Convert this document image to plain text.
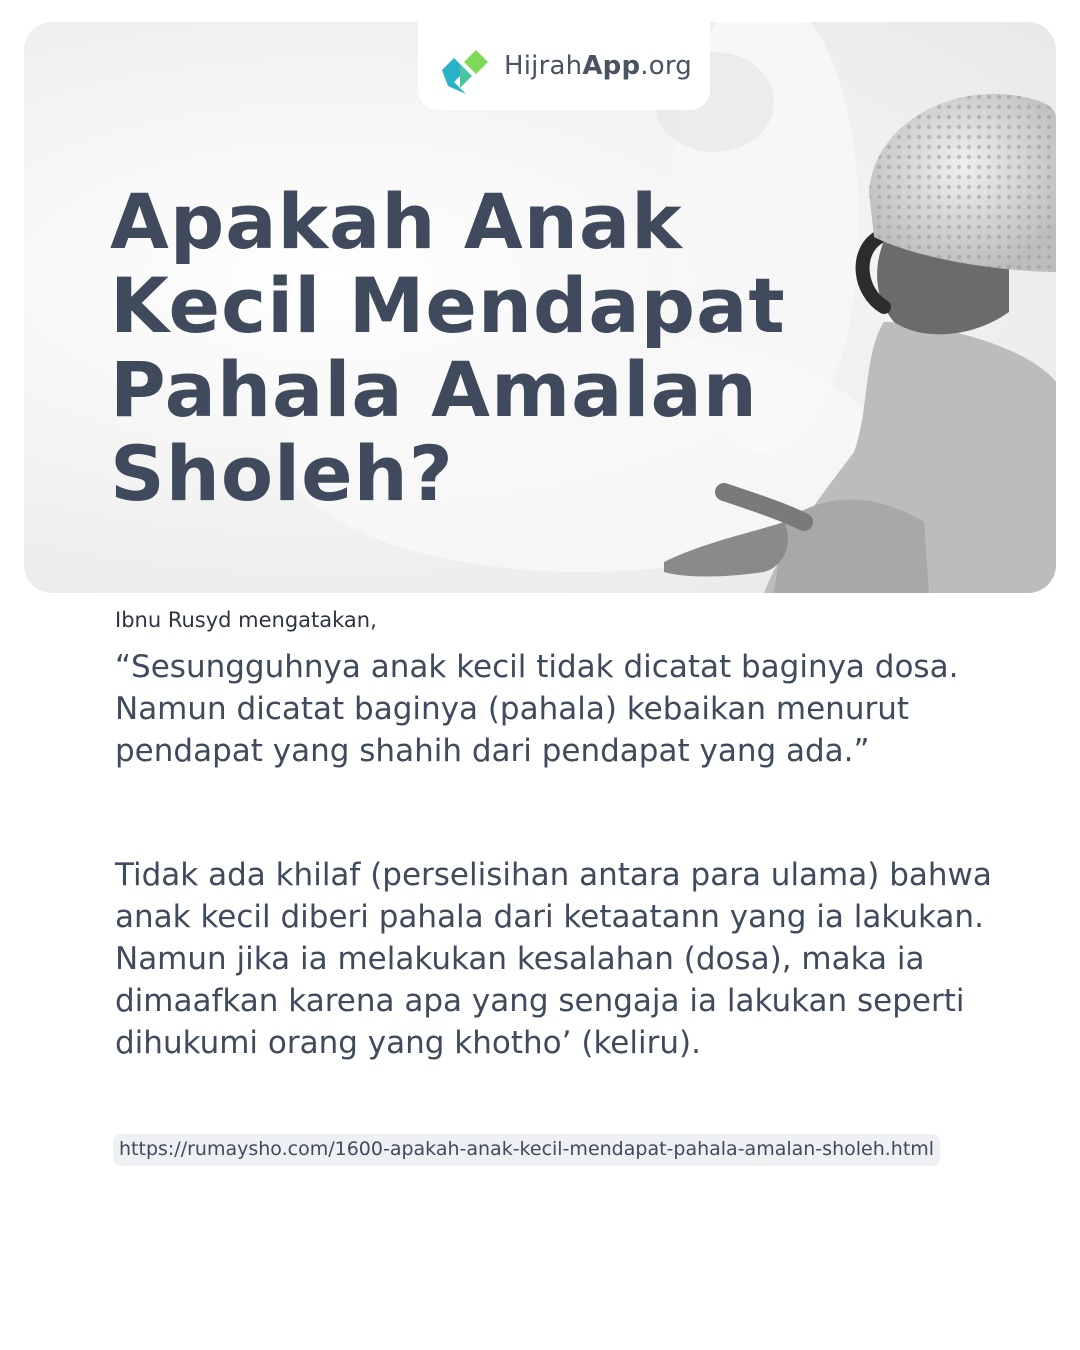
HijrahApp.org
Apakah Anak
Kecil Mendapat
Pahala Amalan
Sholeh?
Ibnu Rusyd mengatakan,

“Sesungguhnya anak kecil tidak dicatat baginya dosa. Namun dicatat baginya (pahala) kebaikan menurut pendapat yang shahih dari pendapat yang ada.”

Tidak ada khilaf (perselisihan antara para ulama) bahwa anak kecil diberi pahala dari ketaatann yang ia lakukan. Namun jika ia melakukan kesalahan (dosa), maka ia dimaafkan karena apa yang sengaja ia lakukan seperti dihukumi orang yang khotho’ (keliru).

https://rumaysho.com/1600-apakah-anak-kecil-mendapat-pahala-amalan-sholeh.html
